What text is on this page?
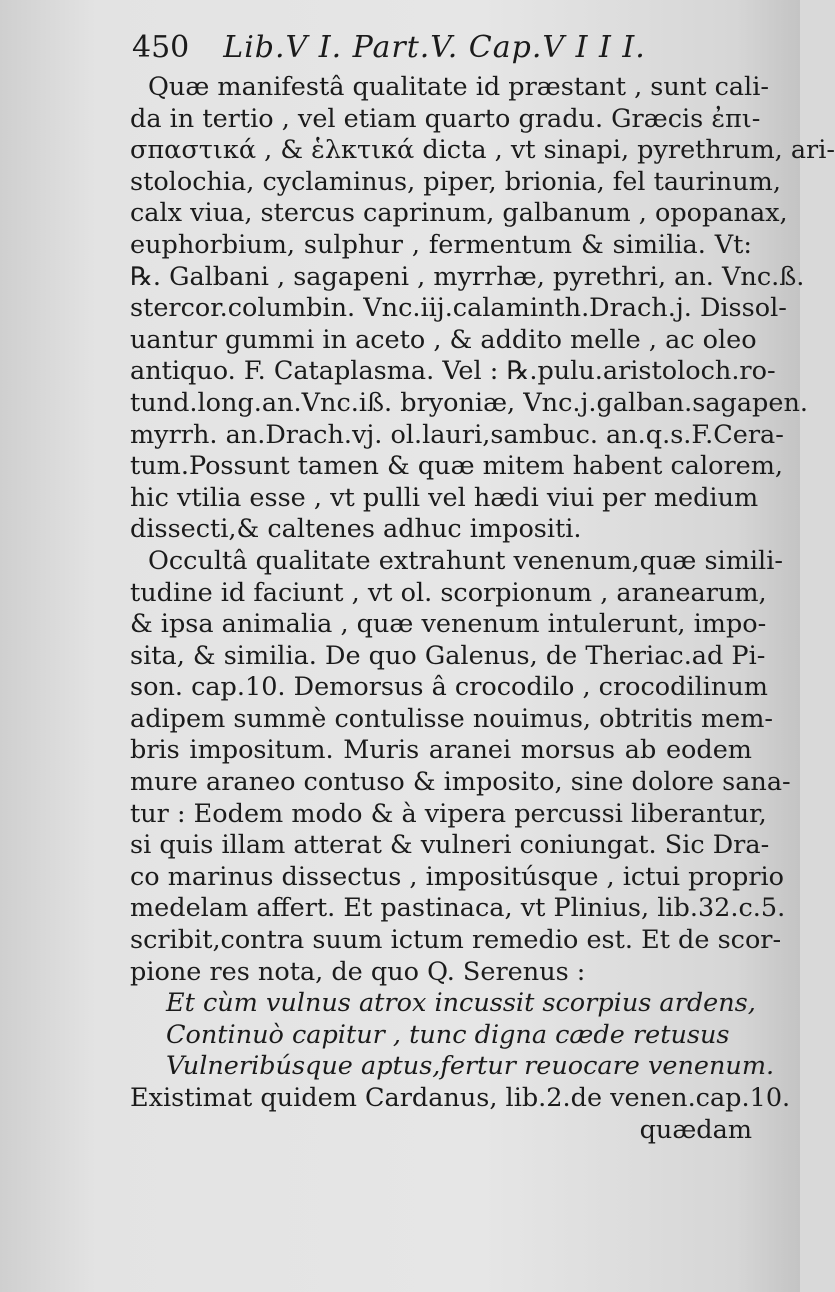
450 Lib.V I. Part.V. Cap.V I I I.
Quæ manifestâ qualitate id præstant , sunt cali-
da in tertio , vel etiam quarto gradu. Græcis ἐπι-
σπαστικά , & ἑλκτικά dicta , vt sinapi, pyrethrum, ari-
stolochia, cyclaminus, piper, brionia, fel taurinum,
calx viua, stercus caprinum, galbanum , opopanax,
euphorbium, sulphur , fermentum & similia. Vt:
℞. Galbani , sagapeni , myrrhæ, pyrethri, an. Vnc.ß.
stercor.columbin. Vnc.iij.calaminth.Drach.j. Dissol-
uantur gummi in aceto , & addito melle , ac oleo
antiquo. F. Cataplasma. Vel : ℞.pulu.aristoloch.ro-
tund.long.an.Vnc.iß. bryoniæ, Vnc.j.galban.sagapen.
myrrh. an.Drach.vj. ol.lauri,sambuc. an.q.s.F.Cera-
tum.Possunt tamen & quæ mitem habent calorem,
hic vtilia esse , vt pulli vel hædi viui per medium
dissecti,& caltenes adhuc impositi.
Occultâ qualitate extrahunt venenum,quæ simili-
tudine id faciunt , vt ol. scorpionum , aranearum,
& ipsa animalia , quæ venenum intulerunt, impo-
sita, & similia. De quo Galenus, de Theriac.ad Pi-
son. cap.10. Demorsus â crocodilo , crocodilinum
adipem summè contulisse nouimus, obtritis mem-
bris impositum. Muris aranei morsus ab eodem
mure araneo contuso & imposito, sine dolore sana-
tur : Eodem modo & à vipera percussi liberantur,
si quis illam atterat & vulneri coniungat. Sic Dra-
co marinus dissectus , impositúsque , ictui proprio
medelam affert. Et pastinaca, vt Plinius, lib.32.c.5.
scribit,contra suum ictum remedio est. Et de scor-
pione res nota, de quo Q. Serenus :
Et cùm vulnus atrox incussit scorpius ardens,
Continuò capitur , tunc digna cæde retusus
Vulneribúsque aptus,fertur reuocare venenum.
Existimat quidem Cardanus, lib.2.de venen.cap.10.
quædam
